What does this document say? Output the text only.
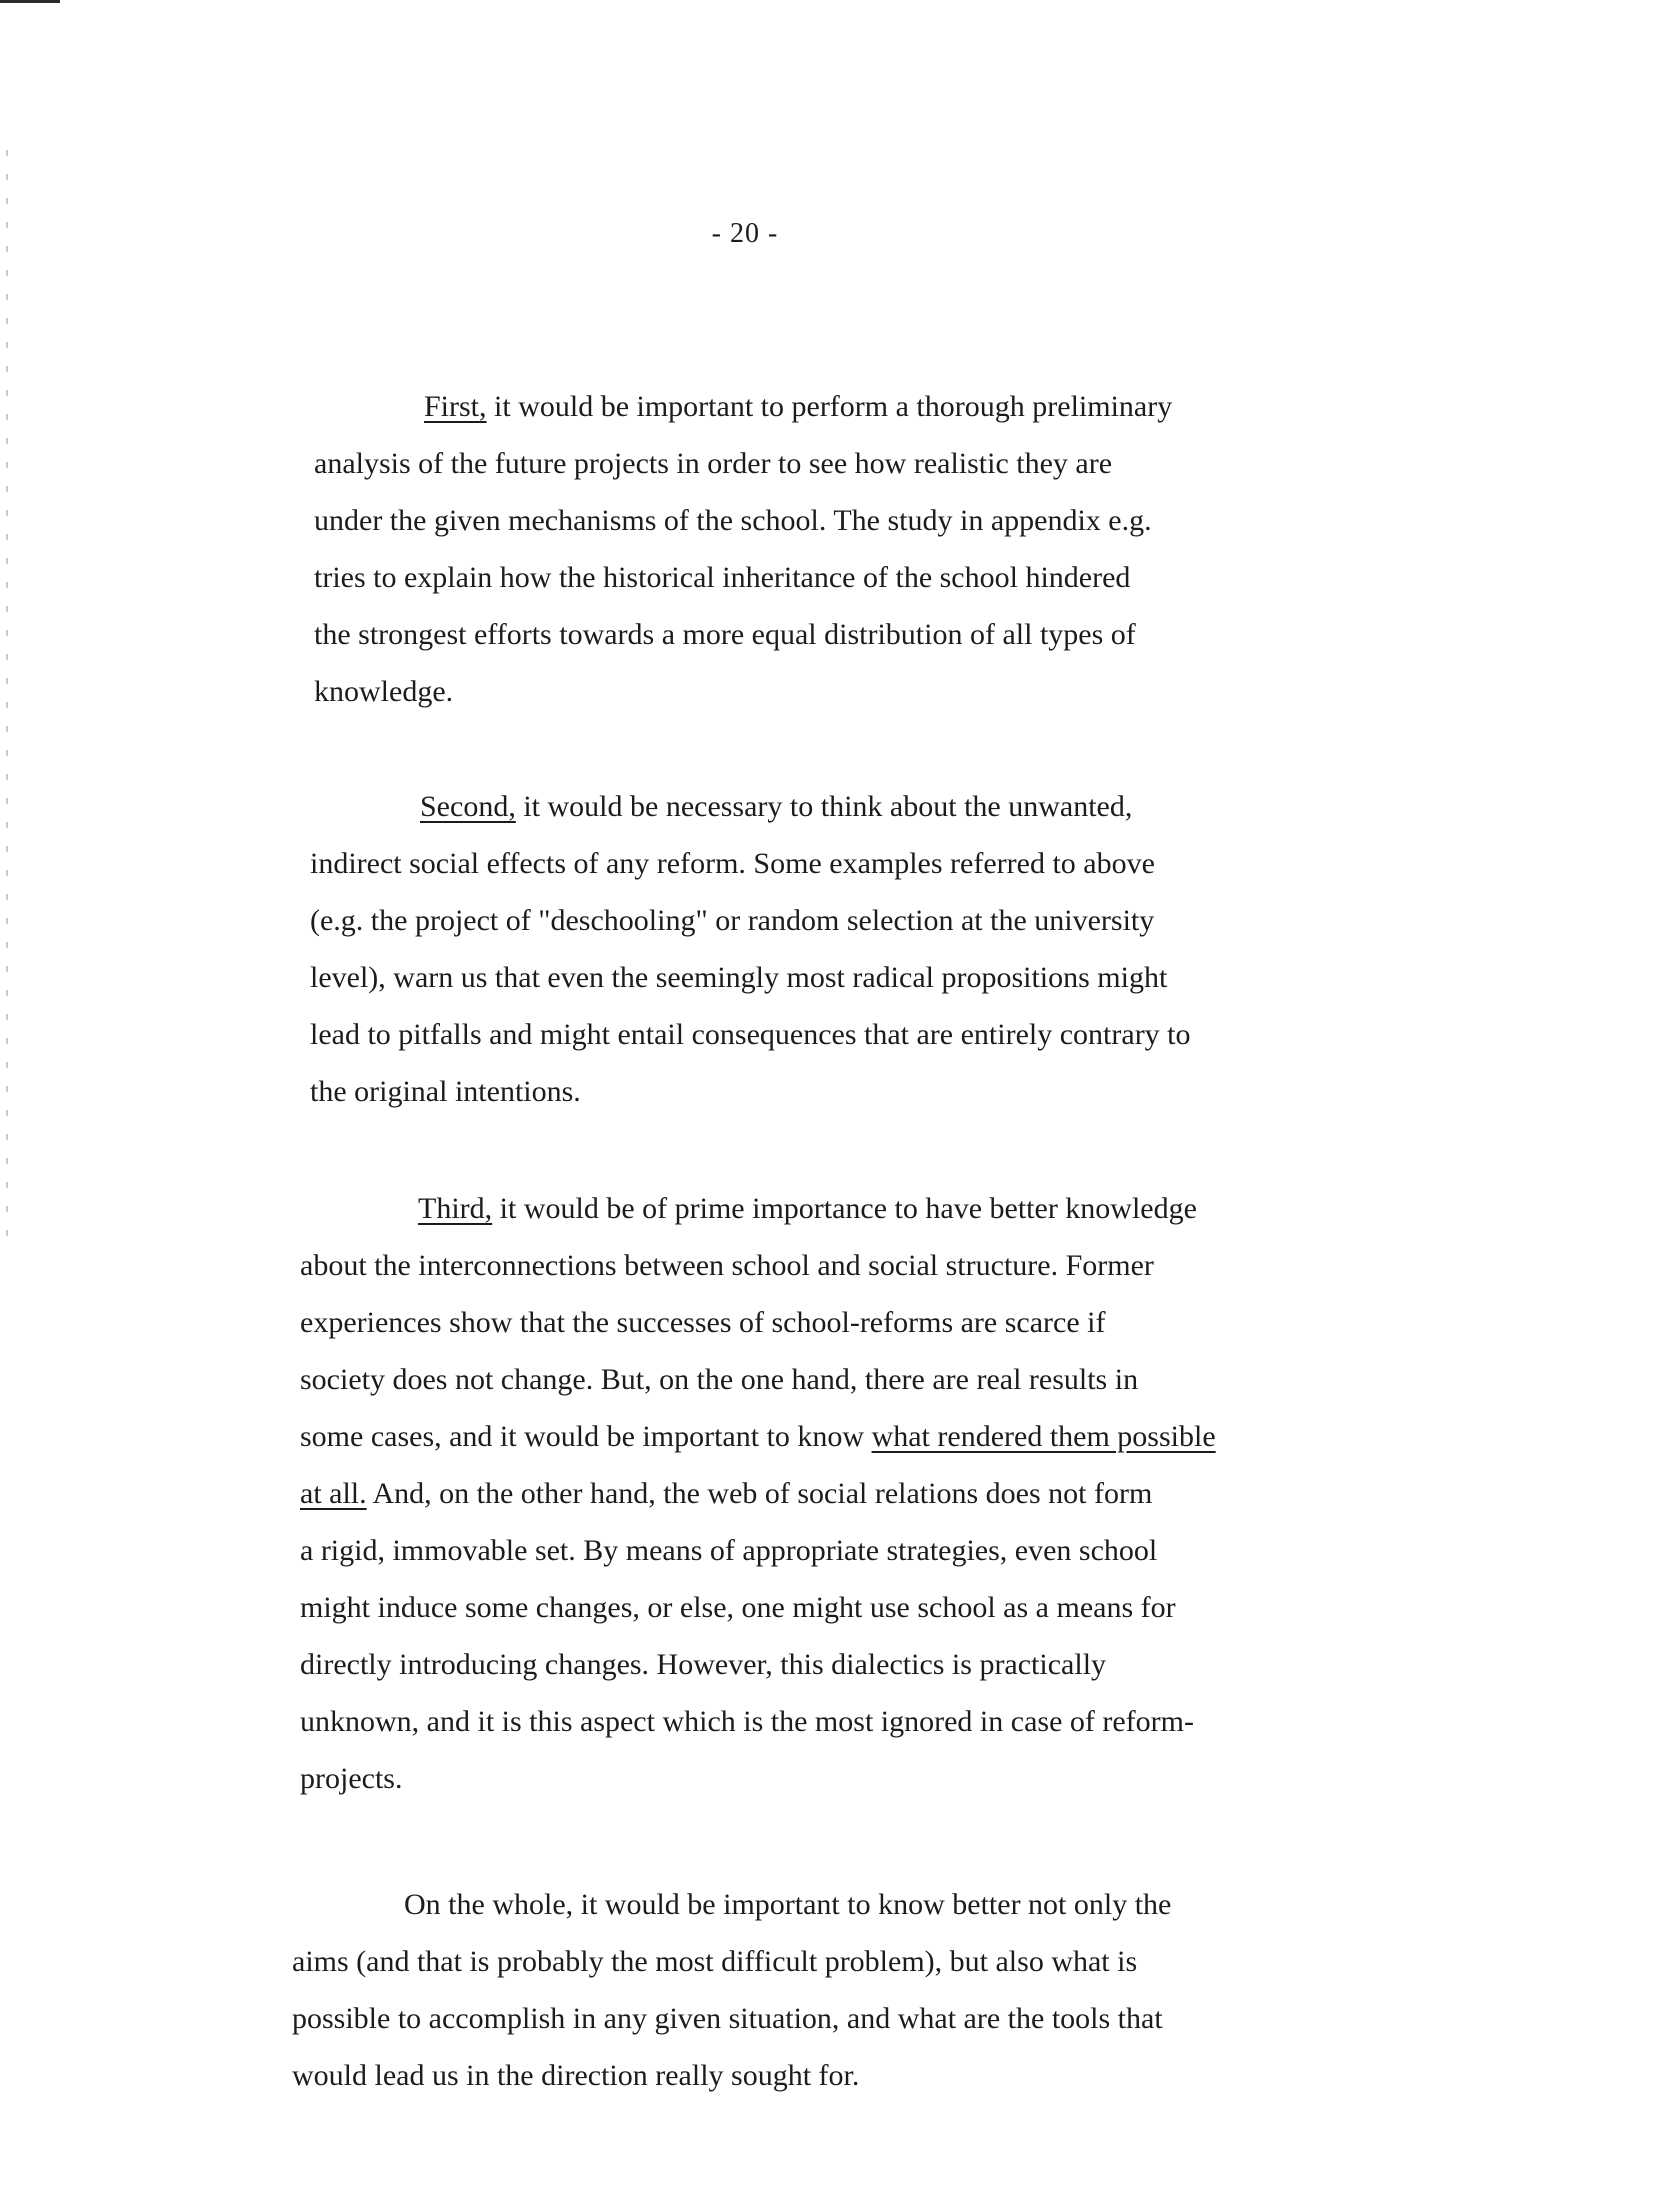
- 20 -
First, it would be important to perform a thorough preliminary
analysis of the future projects in order to see how realistic they are
under the given mechanisms of the school. The study in appendix e.g.
tries to explain how the historical inheritance of the school hindered
the strongest efforts towards a more equal distribution of all types of
knowledge.
Second, it would be necessary to think about the unwanted,
indirect social effects of any reform. Some examples referred to above
(e.g. the project of "deschooling" or random selection at the university
level), warn us that even the seemingly most radical propositions might
lead to pitfalls and might entail consequences that are entirely contrary to
the original intentions.
Third, it would be of prime importance to have better knowledge
about the interconnections between school and social structure. Former
experiences show that the successes of school-reforms are scarce if
society does not change. But, on the one hand, there are real results in
some cases, and it would be important to know what rendered them possible
at all. And, on the other hand, the web of social relations does not form
a rigid, immovable set. By means of appropriate strategies, even school
might induce some changes, or else, one might use school as a means for
directly introducing changes. However, this dialectics is practically
unknown, and it is this aspect which is the most ignored in case of reform-
projects.
On the whole, it would be important to know better not only the
aims (and that is probably the most difficult problem), but also what is
possible to accomplish in any given situation, and what are the tools that
would lead us in the direction really sought for.
